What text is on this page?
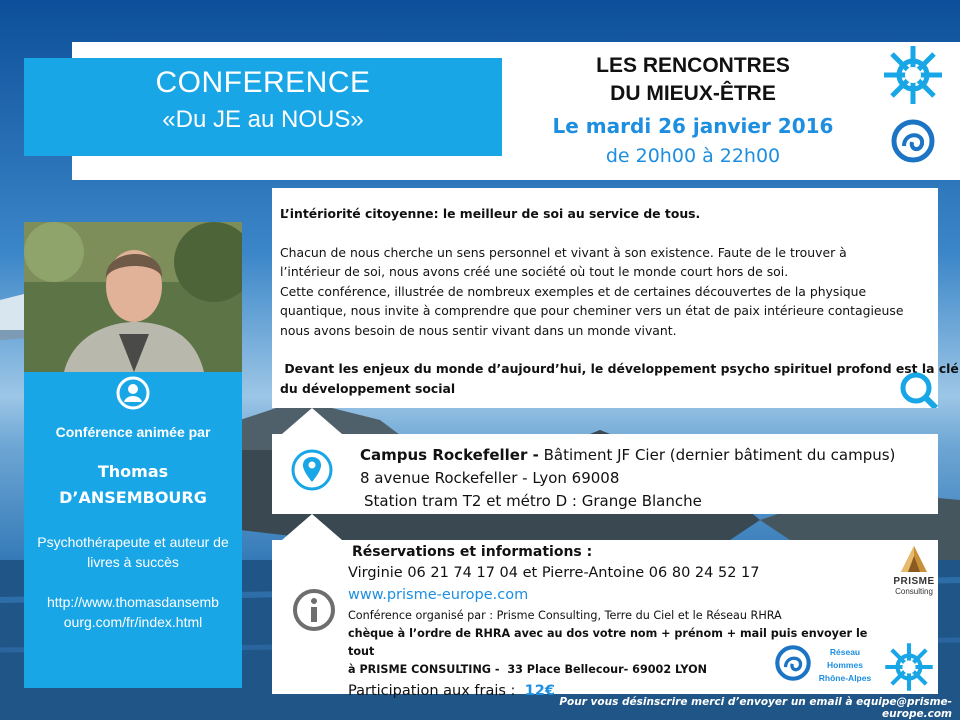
CONFERENCE
«Du JE au NOUS»
LES RENCONTRES
DU MIEUX-ÊTRE
Le mardi 26 janvier 2016
de 20h00 à 22h00
Conférence animée par
Thomas
D’ANSEMBOURG
Psychothérapeute et auteur de livres à succès
http://www.thomasdansemb
ourg.com/fr/index.html
L’intériorité citoyenne: le meilleur de soi au service de tous.
Chacun de nous cherche un sens personnel et vivant à son existence. Faute de le trouver à
l’intérieur de soi, nous avons créé une société où tout le monde court hors de soi.
Cette conférence, illustrée de nombreux exemples et de certaines découvertes de la physique
quantique, nous invite à comprendre que pour cheminer vers un état de paix intérieure contagieuse
nous avons besoin de nous sentir vivant dans un monde vivant.
Devant les enjeux du monde d’aujourd’hui, le développement psycho spirituel profond est la clé
du développement social
Campus Rockefeller - Bâtiment JF Cier (dernier bâtiment du campus)
8 avenue Rockefeller - Lyon 69008
Station tram T2 et métro D : Grange Blanche
Réservations et informations :
Virginie 06 21 74 17 04 et Pierre-Antoine 06 80 24 52 17
www.prisme-europe.com
Conférence organisé par : Prisme Consulting, Terre du Ciel et le Réseau RHRA
chèque à l’ordre de RHRA avec au dos votre nom + prénom + mail puis envoyer le tout
à PRISME CONSULTING -  33 Place Bellecour- 69002 LYON
Participation aux frais :  12€
PRISME
Consulting
Réseau
Hommes
Rhône-Alpes
Pour vous désinscrire merci d’envoyer un email à equipe@prisme-europe.com
